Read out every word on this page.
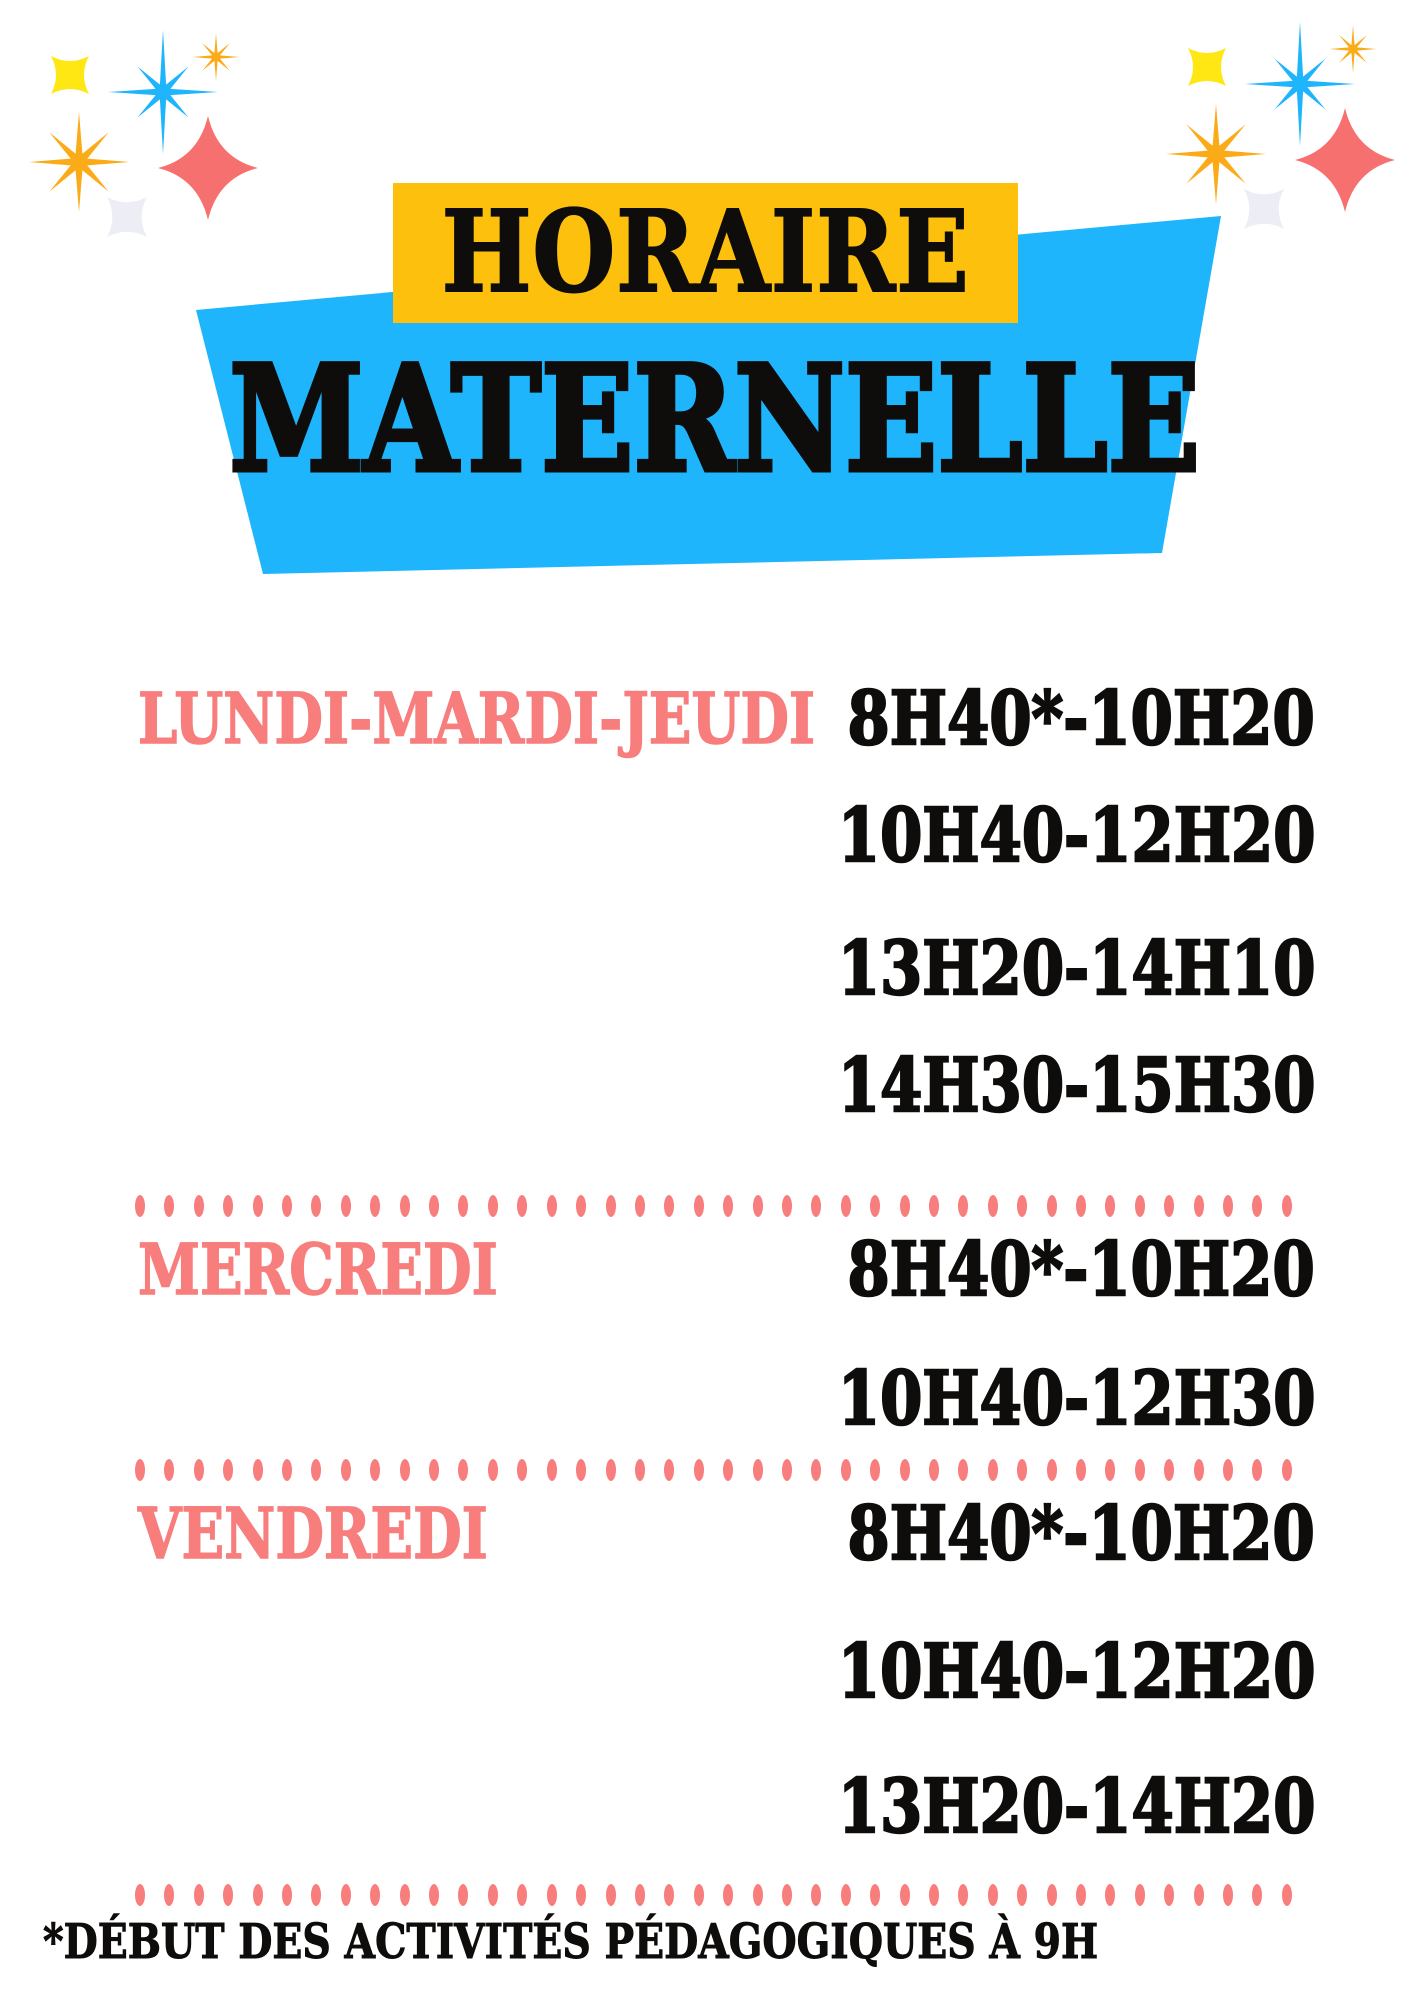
HORAIRE
MATERNELLE
LUNDI-MARDI-JEUDI 8H40*-10H20
10H40-12H20
13H20-14H10
14H30-15H30
MERCREDI	8H40*-10H20
10H40-12H30
VENDREDI	8H40*-10H20
10H40-12H20
13H20-14H20
*DÉBUT DES ACTIVITÉS PÉDAGOGIQUES À 9H
